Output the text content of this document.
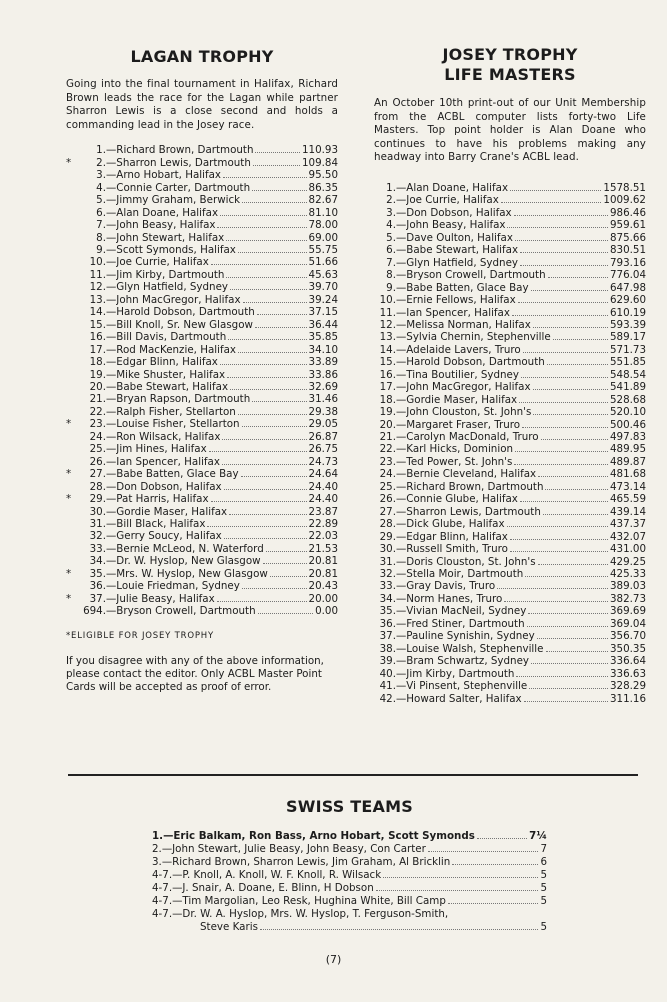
LAGAN TROPHY

Going into the final tournament in Halifax, Richard Brown leads the race for the Lagan while partner Sharron Lewis is a close second and holds a commanding lead in the Josey race.

1. — Richard Brown, Dartmouth	110.93
*	2. — Sharron Lewis, Dartmouth	109.84
3. — Arno Hobart, Halifax	95.50
4. — Connie Carter, Dartmouth	86.35
5. — Jimmy Graham, Berwick	82.67
6. — Alan Doane, Halifax	81.10
7. — John Beasy, Halifax	78.00
8. — John Stewart, Halifax	69.00
9. — Scott Symonds, Halifax	55.75
10. — Joe Currie, Halifax	51.66
11. — Jim Kirby, Dartmouth	45.63
12. — Glyn Hatfield, Sydney	39.70
13. — John MacGregor, Halifax	39.24
14. — Harold Dobson, Dartmouth	37.15
15. — Bill Knoll, Sr. New Glasgow	36.44
16. — Bill Davis, Dartmouth	35.85
17. — Rod MacKenzie, Halifax	34.10
18. — Edgar Blinn, Halifax	33.89
19. — Mike Shuster, Halifax	33.86
20. — Babe Stewart, Halifax	32.69
21. — Bryan Rapson, Dartmouth	31.46
22. — Ralph Fisher, Stellarton	29.38
*	23. — Louise Fisher, Stellarton	29.05
24. — Ron Wilsack, Halifax	26.87
25. — Jim Hines, Halifax	26.75
26. — Ian Spencer, Halifax	24.73
*	27. — Babe Batten, Glace Bay	24.64
28. — Don Dobson, Halifax	24.40
*	29. — Pat Harris, Halifax	24.40
30. — Gordie Maser, Halifax	23.87
31. — Bill Black, Halifax	22.89
32. — Gerry Soucy, Halifax	22.03
33. — Bernie McLeod, N. Waterford	21.53
34. — Dr. W. Hyslop, New Glasgow	20.81
*	35. — Mrs. W. Hyslop, New Glasgow	20.81
36. — Louie Friedman, Sydney	20.43
*	37. — Julie Beasy, Halifax	20.00
694. — Bryson Crowell, Dartmouth	0.00
*ELIGIBLE FOR JOSEY TROPHY

If you disagree with any of the above information, please contact the editor. Only ACBL Master Point Cards will be accepted as proof of error.

JOSEY TROPHY
LIFE MASTERS

An October 10th print-out of our Unit Membership from the ACBL computer lists forty-two Life Masters. Top point holder is Alan Doane who continues to have his problems making any headway into Barry Crane's ACBL lead.

1. — Alan Doane, Halifax	1578.51
2. — Joe Currie, Halifax	1009.62
3. — Don Dobson, Halifax	986.46
4. — John Beasy, Halifax	959.61
5. — Dave Oulton, Halifax	875.66
6. — Babe Stewart, Halifax	830.51
7. — Glyn Hatfield, Sydney	793.16
8. — Bryson Crowell, Dartmouth	776.04
9. — Babe Batten, Glace Bay	647.98
10. — Ernie Fellows, Halifax	629.60
11. — Ian Spencer, Halifax	610.19
12. — Melissa Norman, Halifax	593.39
13. — Sylvia Chernin, Stephenville	589.17
14. — Adelaide Lavers, Truro	571.73
15. — Harold Dobson, Dartmouth	551.85
16. — Tina Boutilier, Sydney	548.54
17. — John MacGregor, Halifax	541.89
18. — Gordie Maser, Halifax	528.68
19. — John Clouston, St. John's	520.10
20. — Margaret Fraser, Truro	500.46
21. — Carolyn MacDonald, Truro	497.83
22. — Karl Hicks, Dominion	489.95
23. — Ted Power, St. John's	489.87
24. — Bernie Cleveland, Halifax	481.68
25. — Richard Brown, Dartmouth	473.14
26. — Connie Glube, Halifax	465.59
27. — Sharron Lewis, Dartmouth	439.14
28. — Dick Glube, Halifax	437.37
29. — Edgar Blinn, Halifax	432.07
30. — Russell Smith, Truro	431.00
31. — Doris Clouston, St. John's	429.25
32. — Stella Moir, Dartmouth	425.33
33. — Gray Davis, Truro	389.03
34. — Norm Hanes, Truro	382.73
35. — Vivian MacNeil, Sydney	369.69
36. — Fred Stiner, Dartmouth	369.04
37. — Pauline Synishin, Sydney	356.70
38. — Louise Walsh, Stephenville	350.35
39. — Bram Schwartz, Sydney	336.64
40. — Jim Kirby, Dartmouth	336.63
41. — Vi Pinsent, Stephenville	328.29
42. — Howard Salter, Halifax	311.16
SWISS TEAMS
1. — Eric Balkam, Ron Bass, Arno Hobart, Scott Symonds	7¼
2. — John Stewart, Julie Beasy, John Beasy, Con Carter	7
3. — Richard Brown, Sharron Lewis, Jim Graham, Al Bricklin	6
4-7. — P. Knoll, A. Knoll, W. F. Knoll, R. Wilsack	5
4-7. — J. Snair, A. Doane, E. Blinn, H Dobson	5
4-7. — Tim Margolian, Leo Resk, Hughina White, Bill Camp	5
4-7. — Dr. W. A. Hyslop, Mrs. W. Hyslop, T. Ferguson-Smith,
Steve Karis	5
(7)
